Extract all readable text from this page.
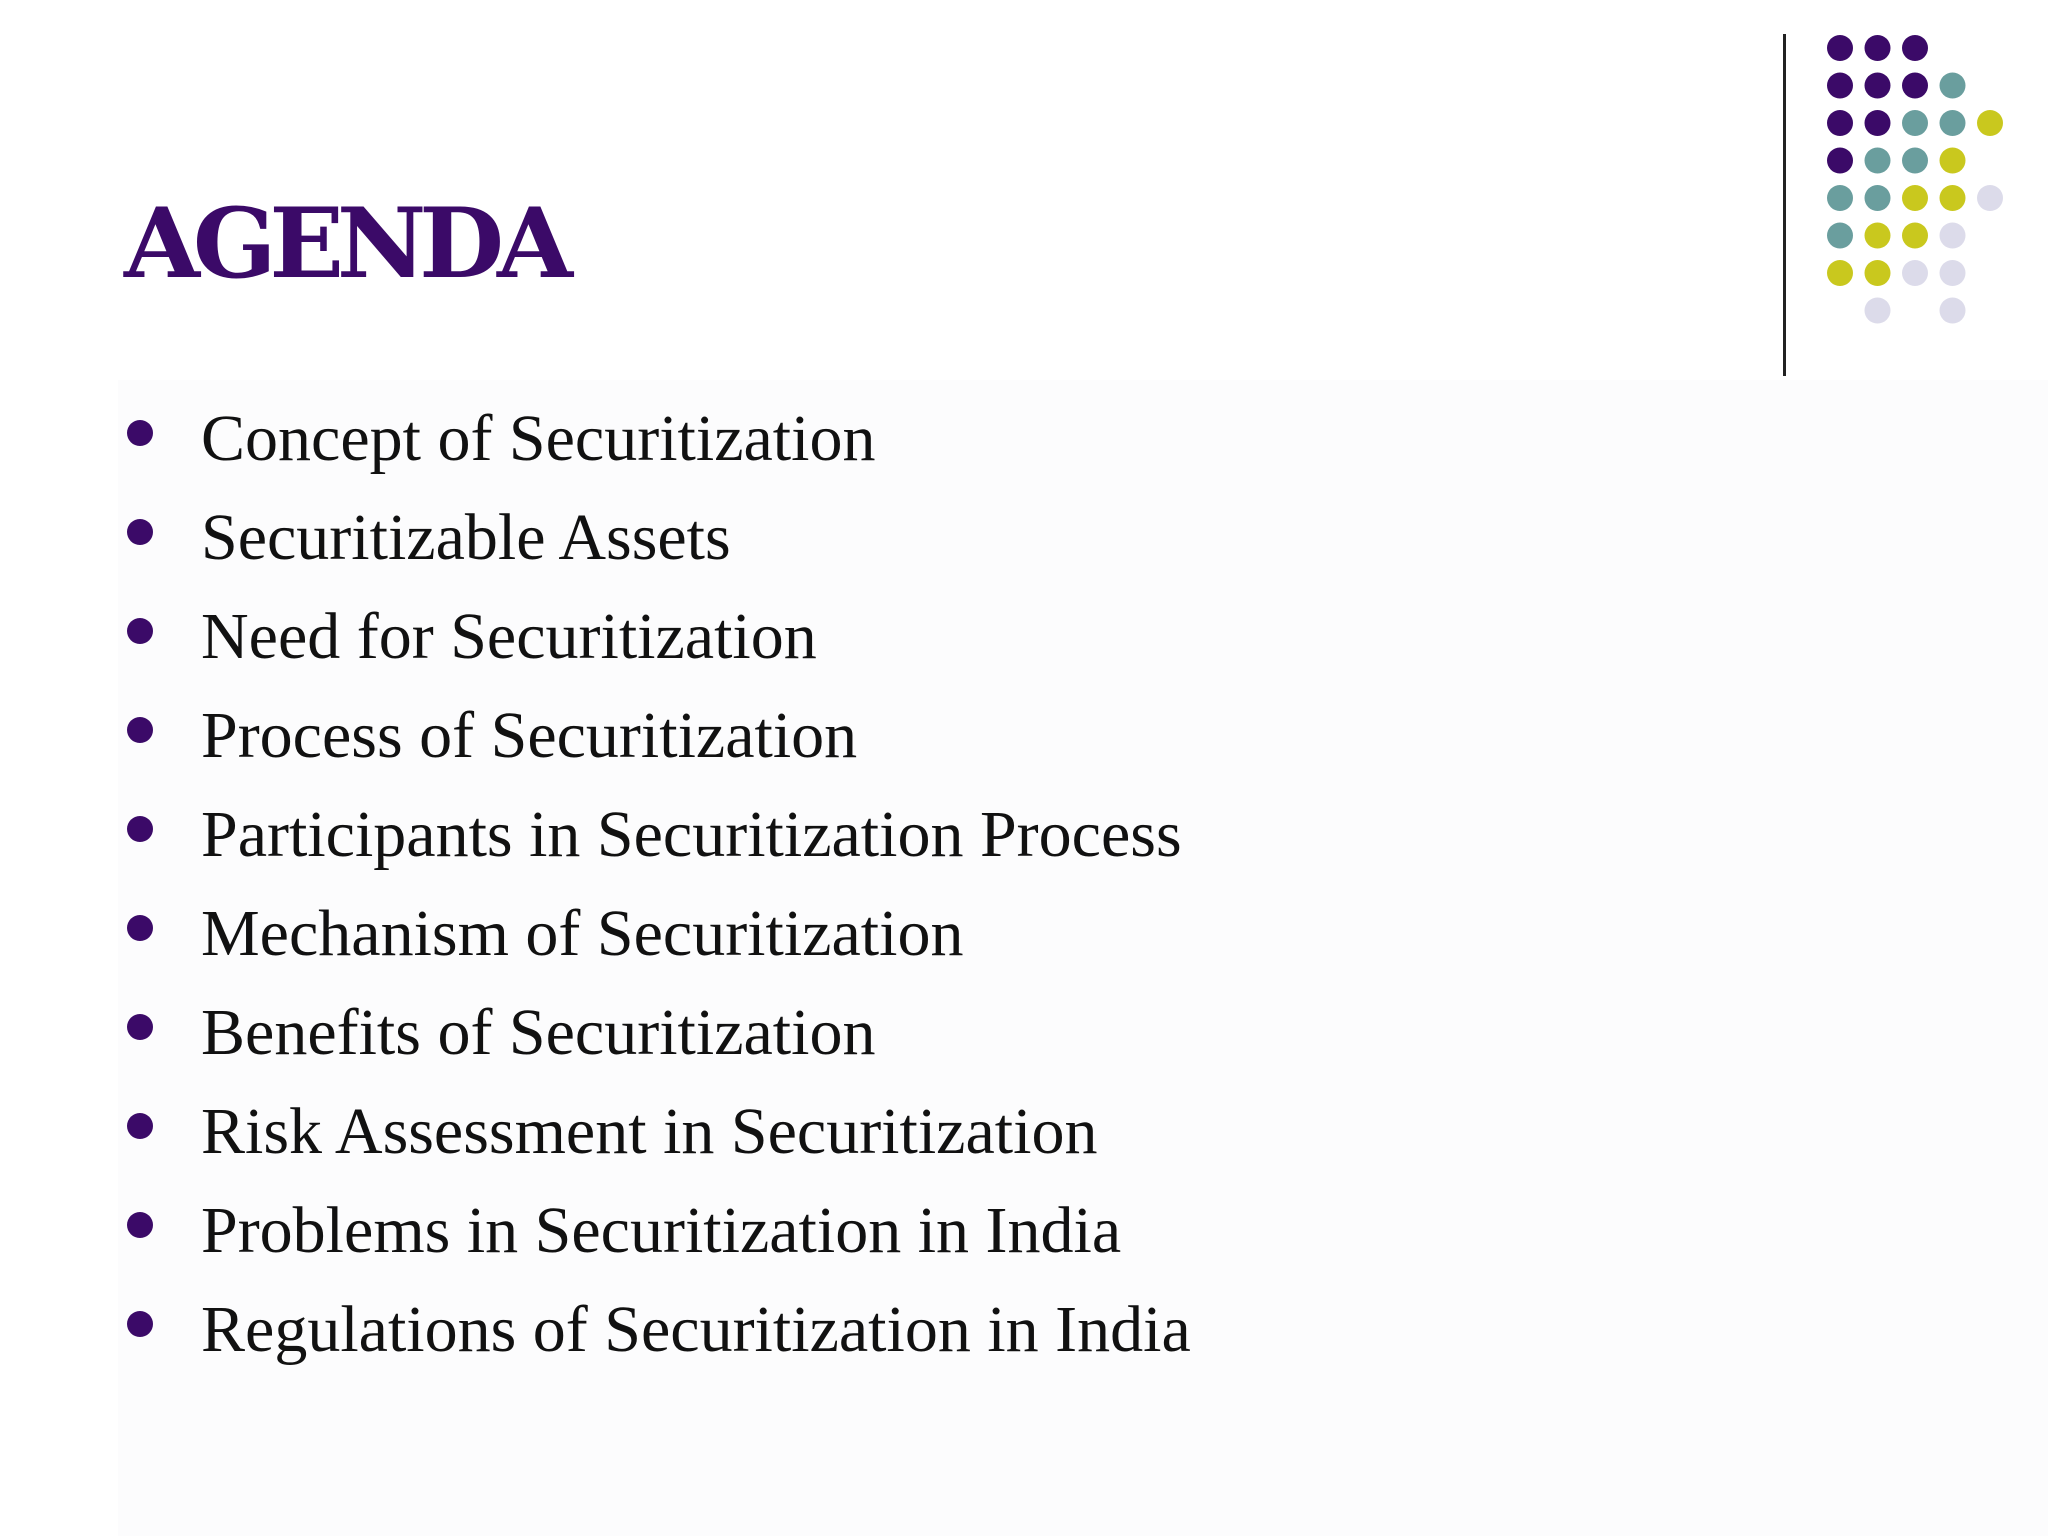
AGENDA
Concept of Securitization
Securitizable Assets
Need for Securitization
Process of Securitization
Participants in Securitization Process
Mechanism of Securitization
Benefits of Securitization
Risk Assessment in Securitization
Problems in Securitization in India
Regulations of Securitization in India
